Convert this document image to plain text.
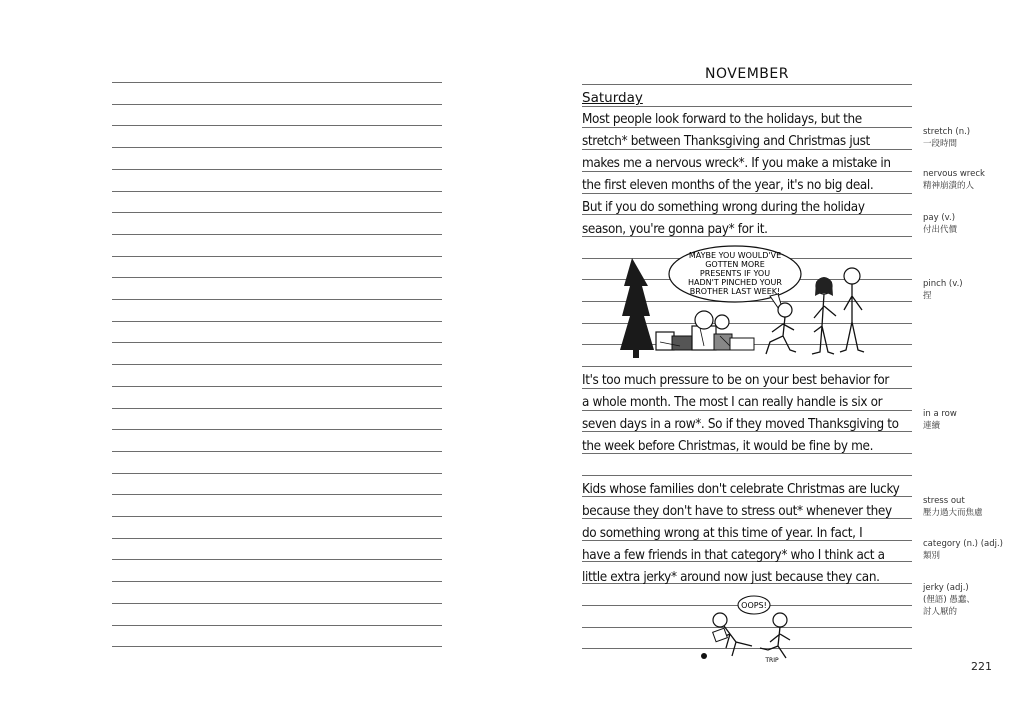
NOVEMBER
Saturday
Most people look forward to the holidays, but the
stretch* between Thanksgiving and Christmas just
makes me a nervous wreck*. If you make a mistake in
the first eleven months of the year, it's no big deal.
But if you do something wrong during the holiday
season, you're gonna pay* for it.
MAYBE YOU WOULD'VE
GOTTEN MORE
PRESENTS IF YOU
HADN'T PINCHED YOUR
BROTHER LAST WEEK!
It's too much pressure to be on your best behavior for
a whole month. The most I can really handle is six or
seven days in a row*. So if they moved Thanksgiving to
the week before Christmas, it would be fine by me.
Kids whose families don't celebrate Christmas are lucky
because they don't have to stress out* whenever they
do something wrong at this time of year. In fact, I
have a few friends in that category* who I think act a
little extra jerky* around now just because they can.
OOPS!
TRIP
stretch (n.)
一段時間
nervous wreck
精神崩潰的人
pay (v.)
付出代價
pinch (v.)
捏
in a row
連續
stress out
壓力過大而焦慮
category (n.) (adj.)
類別
jerky (adj.)
(俚語) 愚蠢、
討人厭的
221
